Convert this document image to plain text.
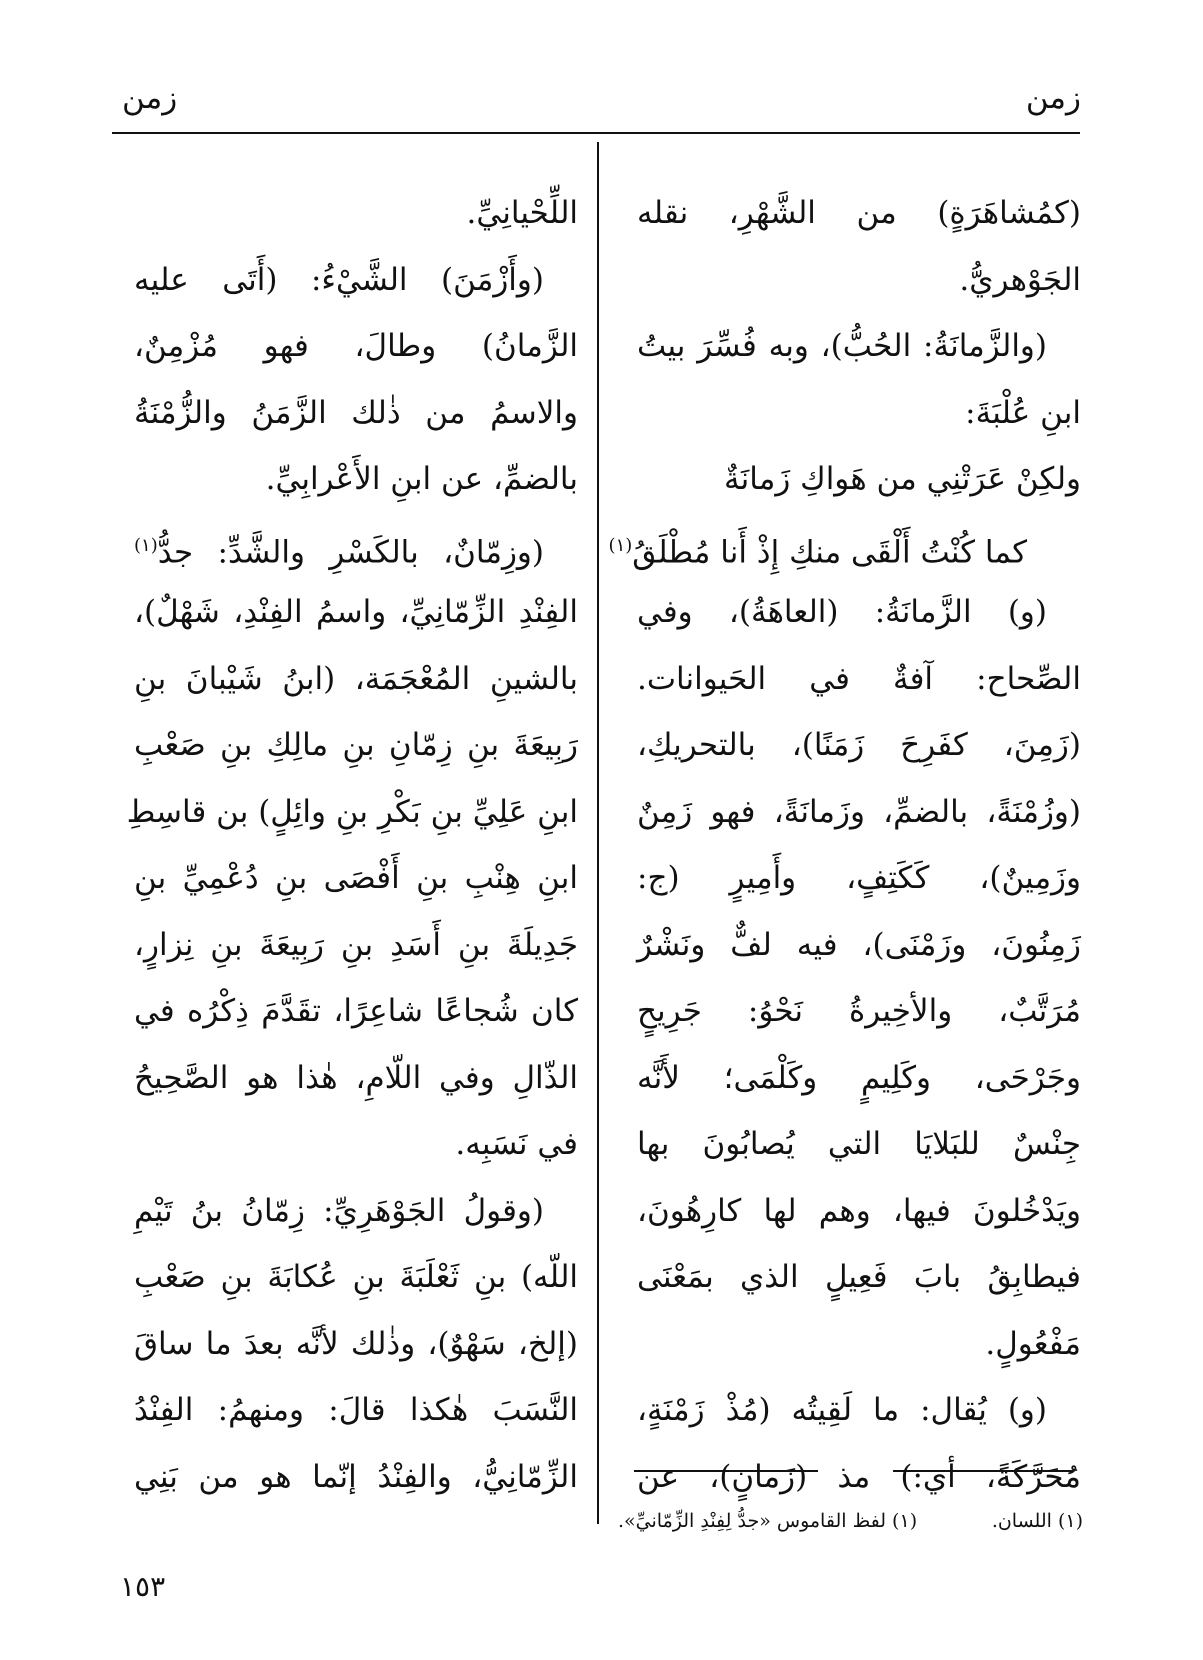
زمن
زمن
(كمُشاهَرَةٍ) من الشَّهْرِ، نقله
الجَوْهريُّ.
(والزَّمانَةُ: الحُبُّ)، وبه فُسِّرَ بيتُ
ابنِ عُلْبَةَ:
ولكِنْ عَرَتْنِي من هَواكِ زَمانَةٌ
كما كُنْتُ أَلْقَى منكِ إِذْ أَنا مُطْلَقُ$^{(١)}$
(و) الزَّمانَةُ: (العاهَةُ)، وفي
الصِّحاح: آفةٌ في الحَيوانات.
(زَمِنَ، كفَرِحَ زَمَنًا)، بالتحريكِ،
(وزُمْنَةً، بالضمِّ، وزَمانَةً، فهو زَمِنٌ
وزَمِينٌ)، كَكَتِفٍ، وأَمِيرٍ (ج:
زَمِنُونَ، وزَمْنَى)، فيه لفٌّ ونَشْرٌ
مُرَتَّبٌ، والأخِيرةُ نَحْوُ: جَرِيحٍ
وجَرْحَى، وكَلِيمٍ وكَلْمَى؛ لأَنَّه
جِنْسٌ للبَلايَا التي يُصابُونَ بها
ويَدْخُلونَ فيها، وهم لها كارِهُونَ،
فيطابِقُ بابَ فَعِيلٍ الذي بمَعْنَى
مَفْعُولٍ.
(و) يُقال: ما لَقِيتُه (مُذْ زَمْنَةٍ،
مُحَرَّكَةً، أي:) مذ (زَمانٍ)، عن
اللِّحْيانِيِّ.
(وأَزْمَنَ) الشَّيْءُ: (أَتَى عليه
الزَّمانُ) وطالَ، فهو مُزْمِنٌ،
والاسمُ من ذٰلك الزَّمَنُ والزُّمْنَةُ
بالضمِّ، عن ابنِ الأَعْرابِيِّ.
(وزِمّانٌ، بالكَسْرِ والشَّدِّ: جدُّ$^{(١)}$
الفِنْدِ الزِّمّانِيِّ، واسمُ الفِنْدِ، شَهْلٌ)،
بالشينِ المُعْجَمَة، (ابنُ شَيْبانَ بنِ
رَبِيعَةَ بنِ زِمّانِ بنِ مالِكِ بنِ صَعْبِ
ابنِ عَلِيِّ بنِ بَكْرِ بنِ وائِلٍ) بن قاسِطِ
ابنِ هِنْبِ بنِ أَفْصَى بنِ دُعْمِيِّ بنِ
جَدِيلَةَ بنِ أَسَدِ بنِ رَبِيعَةَ بنِ نِزارٍ،
كان شُجاعًا شاعِرًا، تقَدَّمَ ذِكْرُه في
الذّالِ وفي اللّامِ، هٰذا هو الصَّحِيحُ
في نَسَبِه.
(وقولُ الجَوْهَرِيِّ: زِمّانُ بنُ تَيْمِ
اللّه) بنِ ثَعْلَبَةَ بنِ عُكابَةَ بنِ صَعْبِ
(إلخ، سَهْوٌ)، وذٰلك لأنَّه بعدَ ما ساقَ
النَّسَبَ هٰكذا قالَ: ومنهمُ: الفِنْدُ
الزِّمّانِيُّ، والفِنْدُ إنّما هو من بَنِي
(١) اللسان.
(١) لفظ القاموس «جدُّ لِفِنْدِ الزِّمّانيِّ».
١٥٣
